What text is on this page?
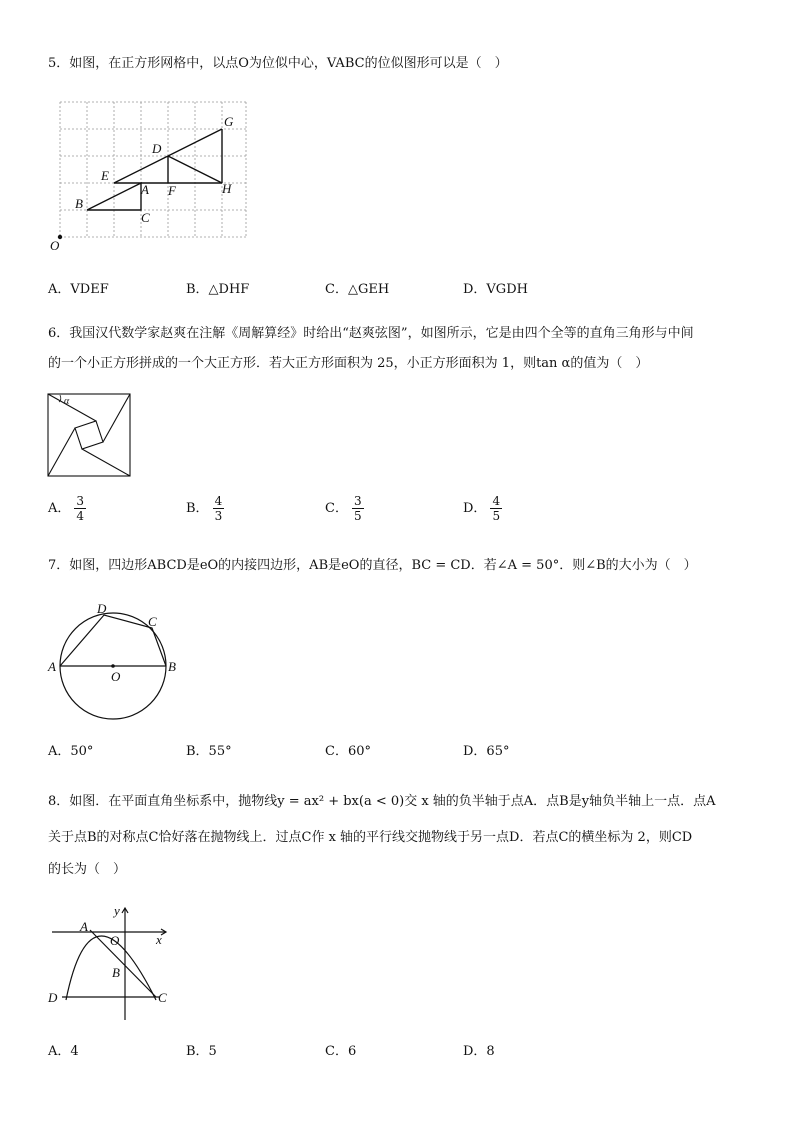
5．如图，在正方形网格中，以点O为位似中心，VABC的位似图形可以是（　）
G
D
E
A F	H
B
C
O
A．VDEF	B．△DHF	C．△GEH	D．VGDH
6．我国汉代数学家赵爽在注解《周解算经》时给出“赵爽弦图”，如图所示，它是由四个全等的直角三角形与中间
的一个小正方形拼成的一个大正方形．若大正方形面积为 25，小正方形面积为 1，则tan α的值为（　）
α
A． $\frac{3}{4}$	B． $\frac{4}{3}$	C． $\frac{3}{5}$	D． $\frac{4}{5}$
7．如图，四边形ABCD是eO的内接四边形，AB是eO的直径，BC = CD．若∠A = 50°．则∠B的大小为（　）
D
C
A
O
B
A．50°	B．55°	C．60°	D．65°
8．如图．在平面直角坐标系中，抛物线y = ax² + bx(a < 0)交 x 轴的负半轴于点A．点B是y轴负半轴上一点．点A
关于点B的对称点C恰好落在抛物线上．过点C作 x 轴的平行线交抛物线于另一点D．若点C的横坐标为 2，则CD
的长为（　）
y
A
O	x
B
D	C
A．4	B．5	C．6	D．8
